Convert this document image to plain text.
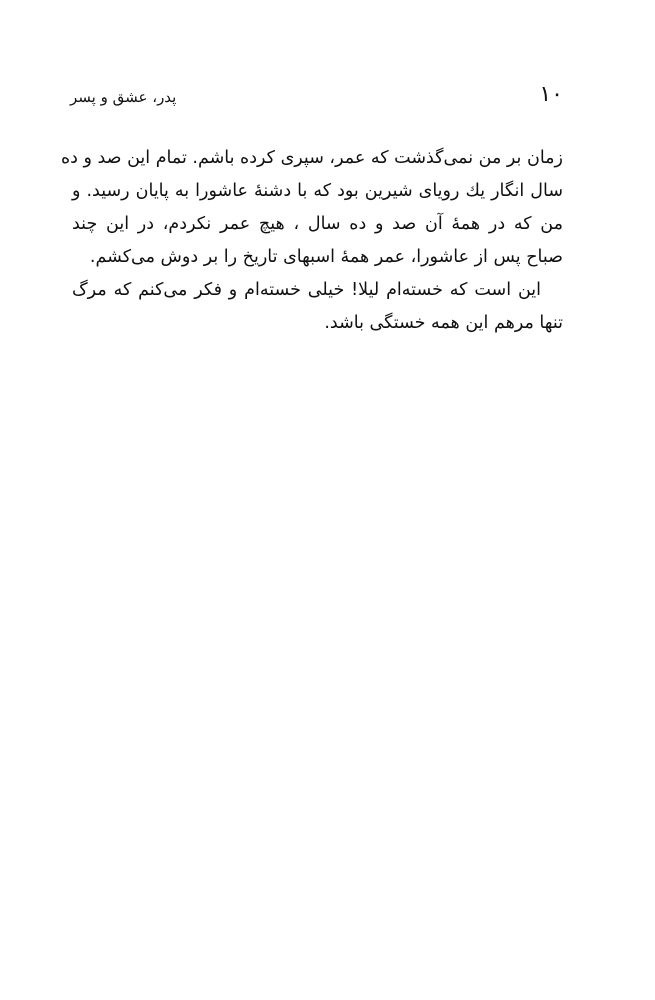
١٠
پدر، عشق و پسر
زمان بر من نمی‌گذشت که عمر، سپری کرده باشم. تمام این صد و ده
سال انگار یك رویای شیرین بود که با دشنهٔ عاشورا به پایان رسید. و
من که در همهٔ آن صد و ده سال ، هیچ عمر نکردم، در این چند
صباح پس از عاشورا، عمر همهٔ اسبهای تاریخ را بر دوش می‌کشم.
این است که خسته‌ام لیلا! خیلی خسته‌ام و فکر می‌کنم که مرگ
تنها مرهم این همه خستگی باشد.
